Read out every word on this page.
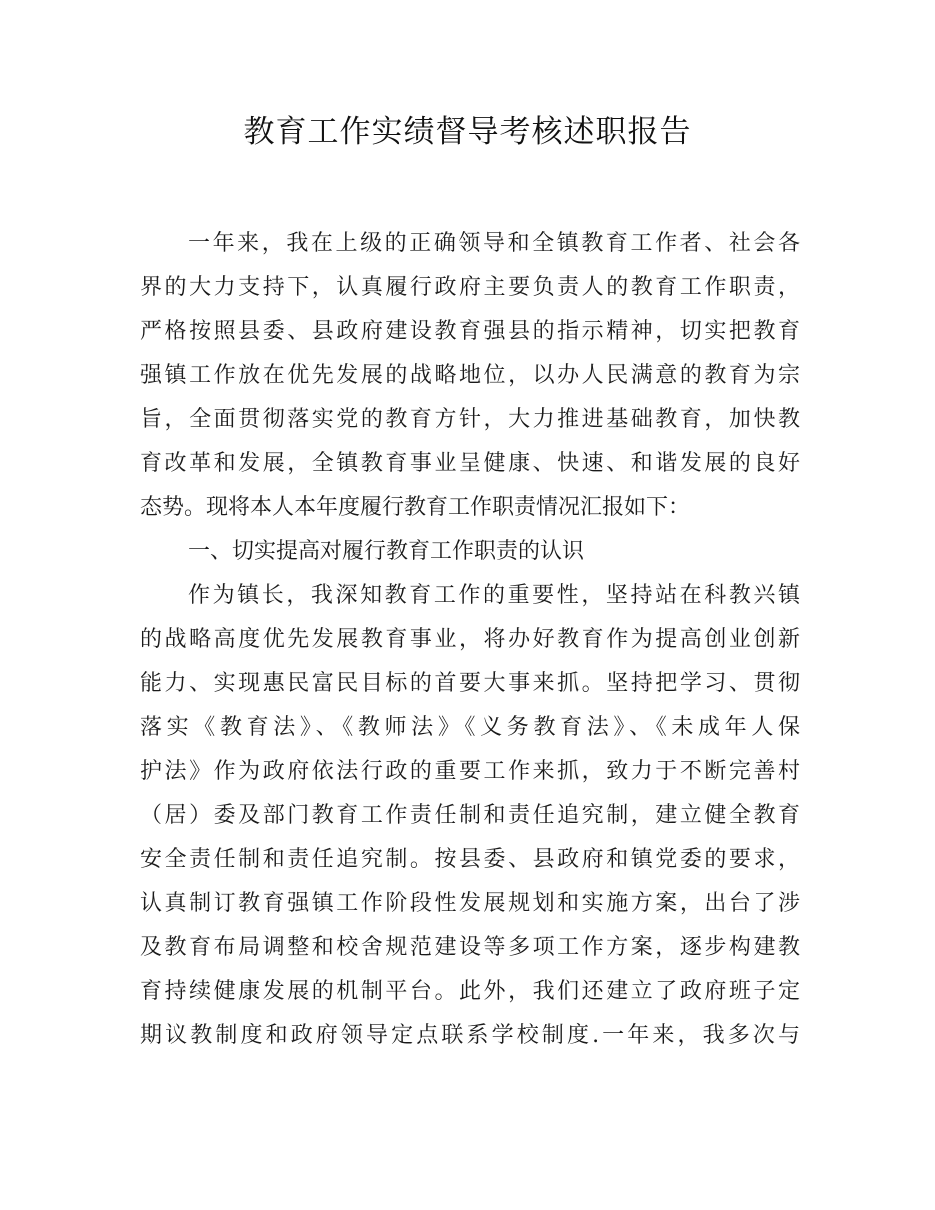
教育工作实绩督导考核述职报告
一年来，我在上级的正确领导和全镇教育工作者、社会各
界的大力支持下，认真履行政府主要负责人的教育工作职责，
严格按照县委、县政府建设教育强县的指示精神，切实把教育
强镇工作放在优先发展的战略地位，以办人民满意的教育为宗
旨，全面贯彻落实党的教育方针，大力推进基础教育，加快教
育改革和发展，全镇教育事业呈健康、快速、和谐发展的良好
态势。现将本人本年度履行教育工作职责情况汇报如下：
一、切实提高对履行教育工作职责的认识
作为镇长，我深知教育工作的重要性，坚持站在科教兴镇
的战略高度优先发展教育事业，将办好教育作为提高创业创新
能力、实现惠民富民目标的首要大事来抓。坚持把学习、贯彻
落实《教育法》、《教师法》《义务教育法》、《未成年人保
护法》作为政府依法行政的重要工作来抓，致力于不断完善村
（居）委及部门教育工作责任制和责任追究制，建立健全教育
安全责任制和责任追究制。按县委、县政府和镇党委的要求，
认真制订教育强镇工作阶段性发展规划和实施方案，出台了涉
及教育布局调整和校舍规范建设等多项工作方案，逐步构建教
育持续健康发展的机制平台。此外，我们还建立了政府班子定
期议教制度和政府领导定点联系学校制度.一年来，我多次与
